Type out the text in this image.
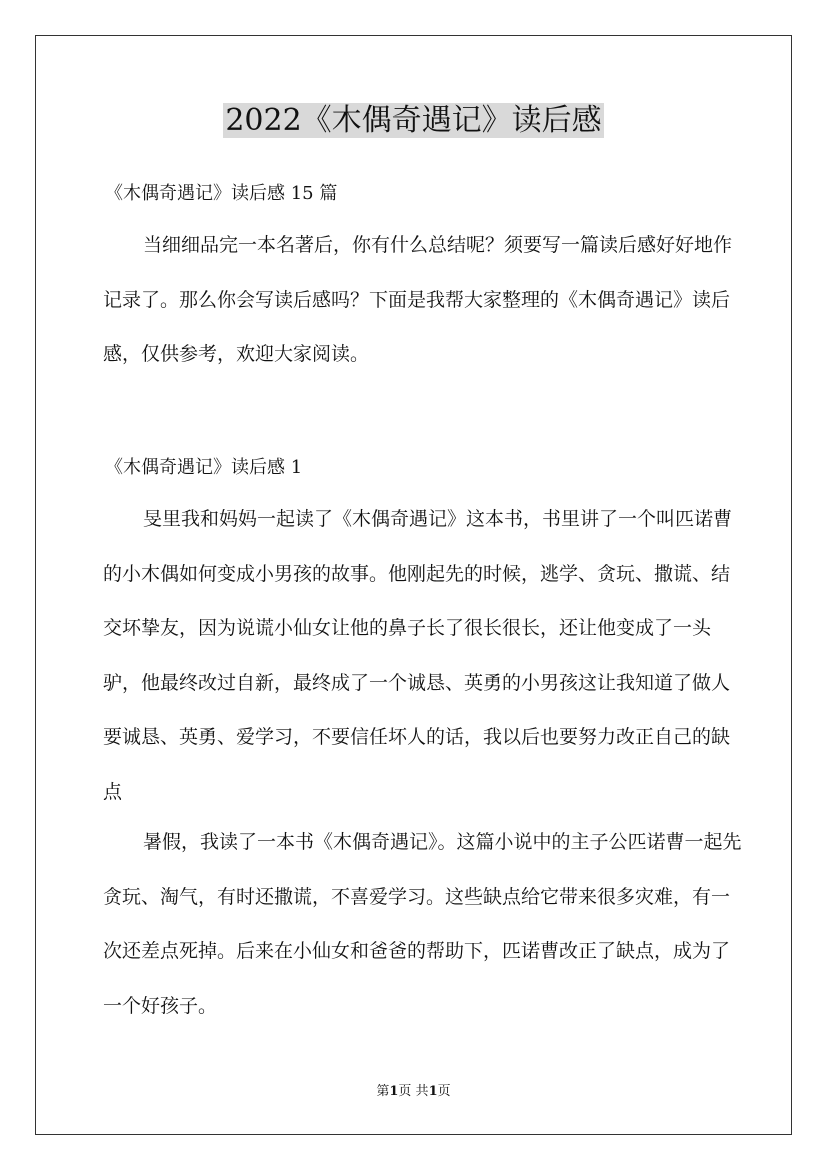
2022《木偶奇遇记》读后感
《木偶奇遇记》读后感 15 篇

当细细品完一本名著后，你有什么总结呢？须要写一篇读后感好好地作记录了。那么你会写读后感吗？下面是我帮大家整理的《木偶奇遇记》读后感，仅供参考，欢迎大家阅读。

《木偶奇遇记》读后感 1

旻里我和妈妈一起读了《木偶奇遇记》这本书，书里讲了一个叫匹诺曹的小木偶如何变成小男孩的故事。他刚起先的时候，逃学、贪玩、撒谎、结交坏挚友，因为说谎小仙女让他的鼻子长了很长很长，还让他变成了一头驴，他最终改过自新，最终成了一个诚恳、英勇的小男孩这让我知道了做人要诚恳、英勇、爱学习，不要信任坏人的话，我以后也要努力改正自己的缺点

暑假，我读了一本书《木偶奇遇记》。这篇小说中的主子公匹诺曹一起先贪玩、淘气，有时还撒谎，不喜爱学习。这些缺点给它带来很多灾难，有一次还差点死掉。后来在小仙女和爸爸的帮助下，匹诺曹改正了缺点，成为了一个好孩子。

第1页 共1页
